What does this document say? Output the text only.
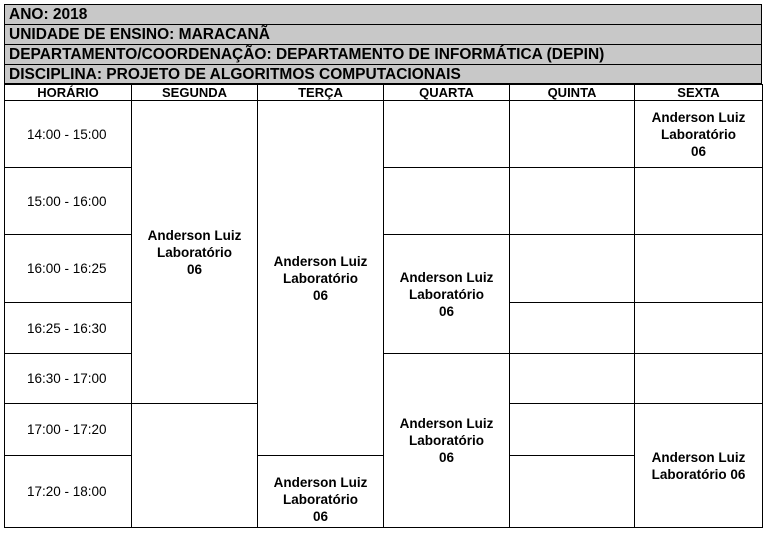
ANO: 2018
UNIDADE DE ENSINO: MARACANÃ
DEPARTAMENTO/COORDENAÇÃO: DEPARTAMENTO DE INFORMÁTICA (DEPIN)
DISCIPLINA: PROJETO DE ALGORITMOS COMPUTACIONAIS
HORÁRIO	SEGUNDA	TERÇA	QUARTA	QUINTA	SEXTA
14:00 - 15:00	Anderson Luiz
Laboratório
06	Anderson Luiz
Laboratório
06			Anderson Luiz
Laboratório
06

15:00 - 16:00					
16:00 - 16:25			Anderson Luiz
Laboratório
06		

16:25 - 16:30					
16:30 - 17:00			Anderson Luiz
Laboratório
06		

17:00 - 17:20					Anderson Luiz
Laboratório 06

17:20 - 18:00		Anderson Luiz
Laboratório
06			
